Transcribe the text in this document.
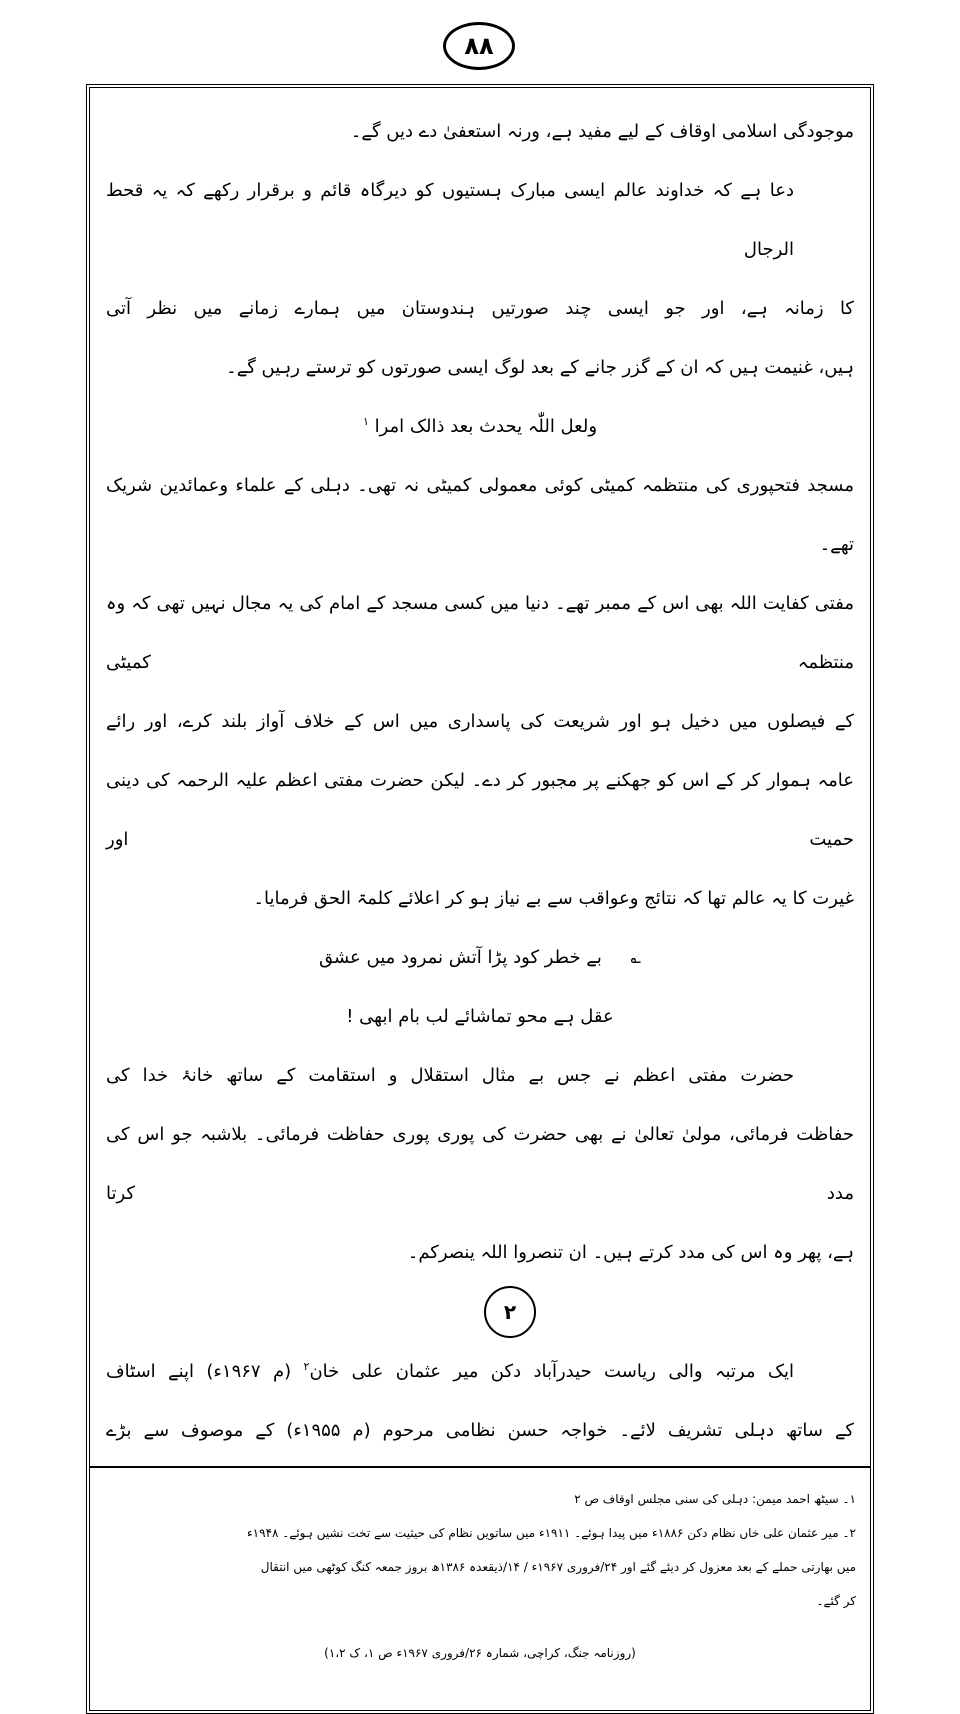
۸۸
موجودگی اسلامی اوقاف کے لیے مفید ہے، ورنہ استعفیٰ دے دیں گے۔
دعا ہے کہ خداوند عالم ایسی مبارک ہستیوں کو دیرگاہ قائم و برقرار رکھے کہ یہ قحط الرجال
کا زمانہ ہے، اور جو ایسی چند صورتیں ہندوستان میں ہمارے زمانے میں نظر آتی
ہیں، غنیمت ہیں کہ ان کے گزر جانے کے بعد لوگ ایسی صورتوں کو ترستے رہیں گے۔
ولعل اللّٰہ یحدث بعد ذالک امرا $^۱$
مسجد فتحپوری کی منتظمہ کمیٹی کوئی معمولی کمیٹی نہ تھی۔ دہلی کے علماء وعمائدین شریک تھے۔
مفتی کفایت اللہ بھی اس کے ممبر تھے۔ دنیا میں کسی مسجد کے امام کی یہ مجال نہیں تھی کہ وہ منتظمہ کمیٹی
کے فیصلوں میں دخیل ہو اور شریعت کی پاسداری میں اس کے خلاف آواز بلند کرے، اور رائے
عامہ ہموار کر کے اس کو جھکنے پر مجبور کر دے۔ لیکن حضرت مفتی اعظم علیہ الرحمہ کی دینی حمیت اور
غیرت کا یہ عالم تھا کہ نتائج وعواقب سے بے نیاز ہو کر اعلائے کلمۃ الحق فرمایا۔
؎     بے خطر کود پڑا آتش نمرود میں عشق
عقل ہے محو تماشائے لب بام ابھی !
حضرت مفتی اعظم نے جس بے مثال استقلال و استقامت کے ساتھ خانۂ خدا کی
حفاظت فرمائی، مولیٰ تعالیٰ نے بھی حضرت کی پوری پوری حفاظت فرمائی۔ بلاشبہ جو اس کی مدد کرتا
ہے، پھر وہ اس کی مدد کرتے ہیں۔ ان تنصروا اللہ ینصرکم۔
۲
ایک مرتبہ والی ریاست حیدرآباد دکن میر عثمان علی خان$^۲$ (م ۱۹۶۷ء) اپنے اسٹاف
کے ساتھ دہلی تشریف لائے۔ خواجہ حسن نظامی مرحوم (م ۱۹۵۵ء) کے موصوف سے بڑے
۱۔ سیٹھ احمد میمن: دہلی کی سنی مجلس اوقاف ص ۲
۲۔ میر عثمان علی خاں نظام دکن ۱۸۸۶ء میں پیدا ہوئے۔ ۱۹۱۱ء میں ساتویں نظام کی حیثیت سے تخت نشیں ہوئے۔ ۱۹۴۸ء
میں بھارتی حملے کے بعد معزول کر دیئے گئے اور ۲۴/فروری ۱۹۶۷ء / ۱۴/ذیقعدہ ۱۳۸۶ھ بروز جمعہ کنگ کوٹھی میں انتقال
کر گئے۔
(روزنامہ جنگ، کراچی، شمارہ ۲۶/فروری ۱۹۶۷ء ص ۱، ک ۱،۲)
